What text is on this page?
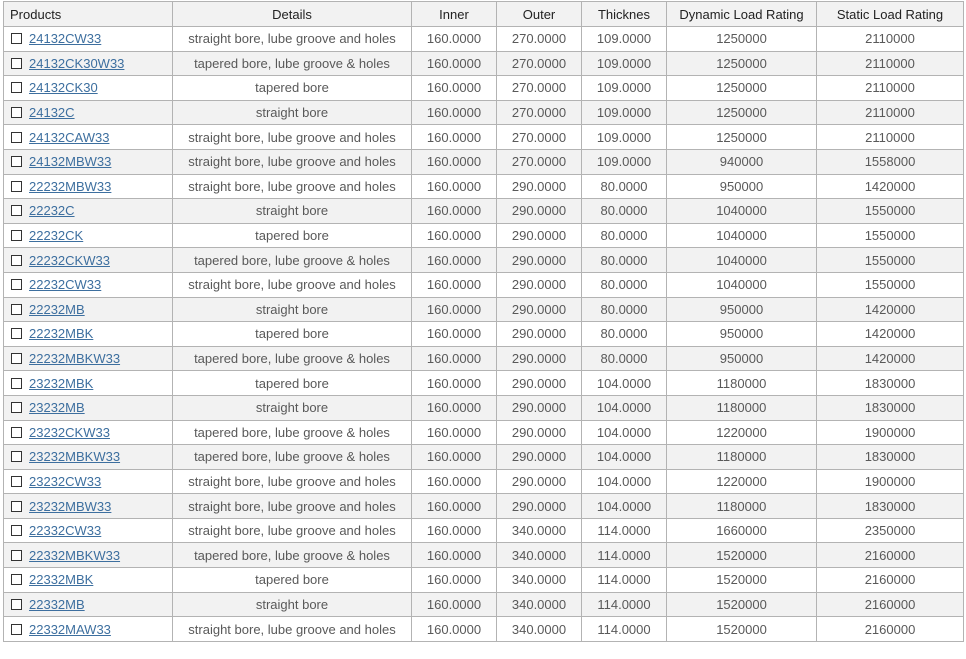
Products	Details	Inner	Outer	Thicknes	Dynamic Load Rating	Static Load Rating
24132CW33	straight bore, lube groove and holes	160.0000	270.0000	109.0000	1250000	2110000
24132CK30W33	tapered bore, lube groove & holes	160.0000	270.0000	109.0000	1250000	2110000
24132CK30	tapered bore	160.0000	270.0000	109.0000	1250000	2110000
24132C	straight bore	160.0000	270.0000	109.0000	1250000	2110000
24132CAW33	straight bore, lube groove and holes	160.0000	270.0000	109.0000	1250000	2110000
24132MBW33	straight bore, lube groove and holes	160.0000	270.0000	109.0000	940000	1558000
22232MBW33	straight bore, lube groove and holes	160.0000	290.0000	80.0000	950000	1420000
22232C	straight bore	160.0000	290.0000	80.0000	1040000	1550000
22232CK	tapered bore	160.0000	290.0000	80.0000	1040000	1550000
22232CKW33	tapered bore, lube groove & holes	160.0000	290.0000	80.0000	1040000	1550000
22232CW33	straight bore, lube groove and holes	160.0000	290.0000	80.0000	1040000	1550000
22232MB	straight bore	160.0000	290.0000	80.0000	950000	1420000
22232MBK	tapered bore	160.0000	290.0000	80.0000	950000	1420000
22232MBKW33	tapered bore, lube groove & holes	160.0000	290.0000	80.0000	950000	1420000
23232MBK	tapered bore	160.0000	290.0000	104.0000	1180000	1830000
23232MB	straight bore	160.0000	290.0000	104.0000	1180000	1830000
23232CKW33	tapered bore, lube groove & holes	160.0000	290.0000	104.0000	1220000	1900000
23232MBKW33	tapered bore, lube groove & holes	160.0000	290.0000	104.0000	1180000	1830000
23232CW33	straight bore, lube groove and holes	160.0000	290.0000	104.0000	1220000	1900000
23232MBW33	straight bore, lube groove and holes	160.0000	290.0000	104.0000	1180000	1830000
22332CW33	straight bore, lube groove and holes	160.0000	340.0000	114.0000	1660000	2350000
22332MBKW33	tapered bore, lube groove & holes	160.0000	340.0000	114.0000	1520000	2160000
22332MBK	tapered bore	160.0000	340.0000	114.0000	1520000	2160000
22332MB	straight bore	160.0000	340.0000	114.0000	1520000	2160000
22332MAW33	straight bore, lube groove and holes	160.0000	340.0000	114.0000	1520000	2160000
